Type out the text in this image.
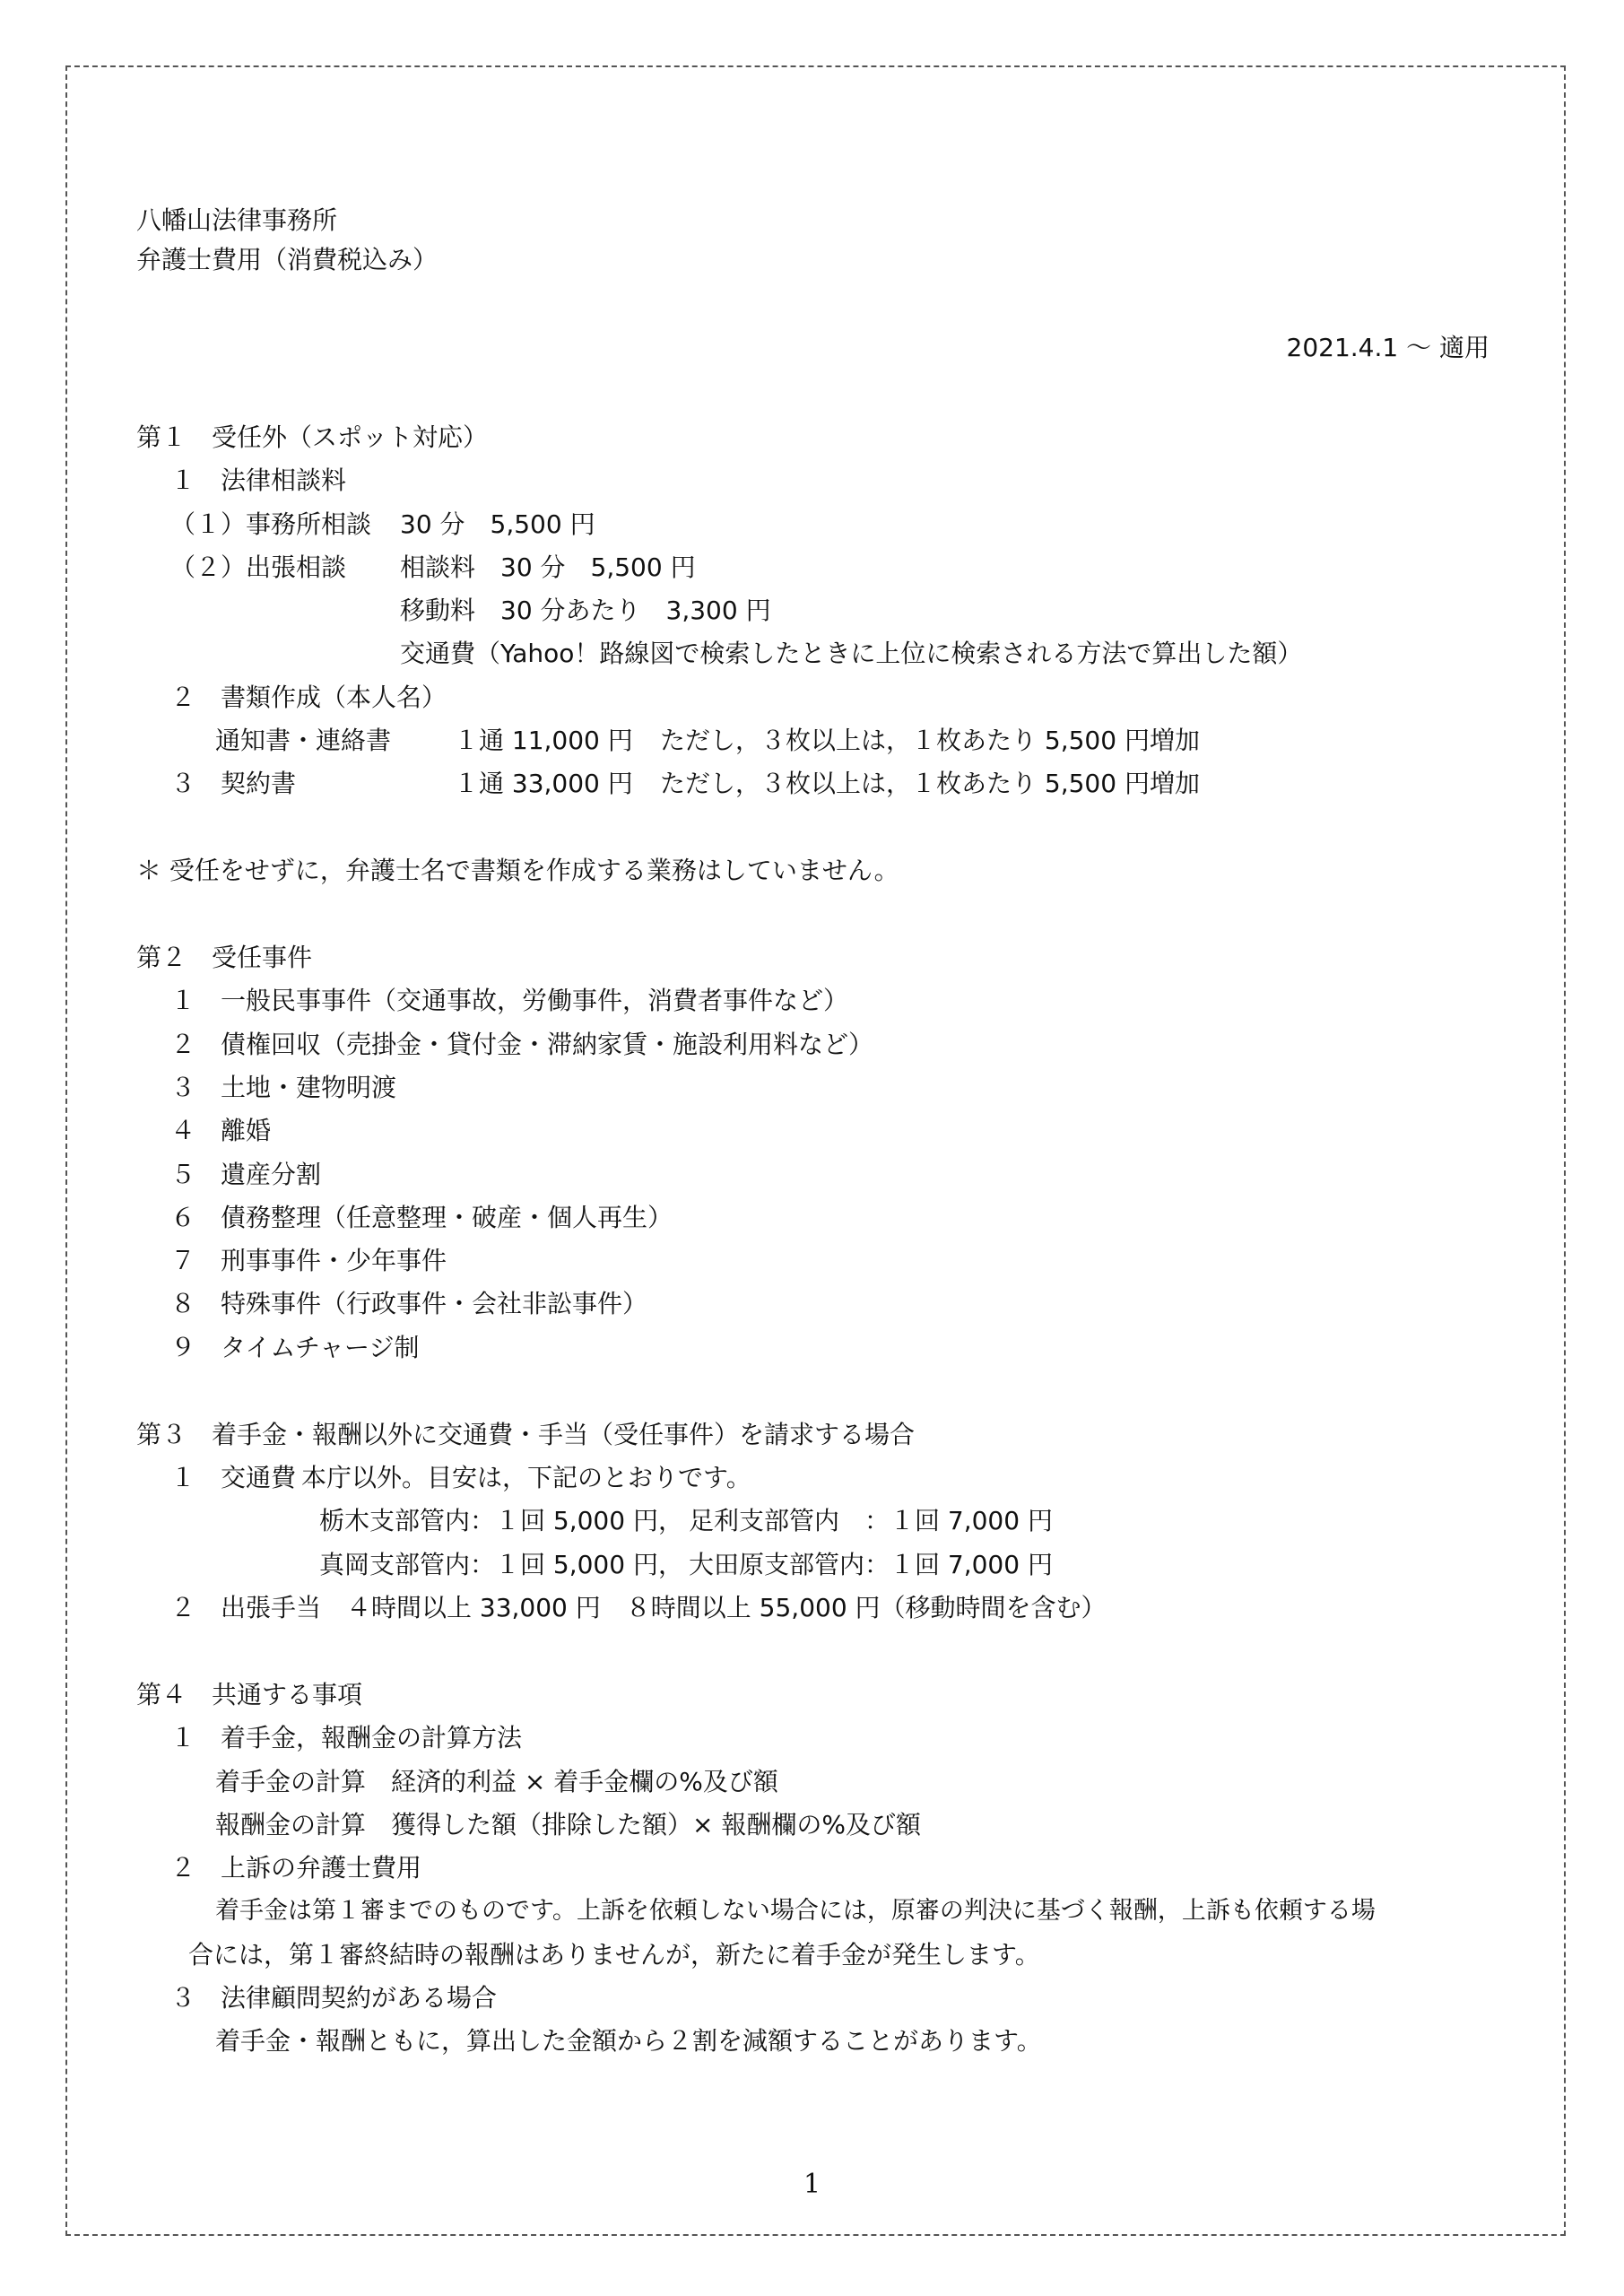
八幡山法律事務所
弁護士費用（消費税込み）
2021.4.1 ～ 適用
第１　受任外（スポット対応）
１　法律相談料
（１）事務所相談 30 分　5,500 円
（２）出張相談 相談料　30 分　5,500 円
移動料　30 分あたり　3,300 円
交通費（Yahoo！路線図で検索したときに上位に検索される方法で算出した額）
２　書類作成（本人名）
通知書・連絡書 １通 11,000 円 ただし，３枚以上は，１枚あたり 5,500 円増加
３　契約書	１通 33,000 円 ただし，３枚以上は，１枚あたり 5,500 円増加
＊ 受任をせずに，弁護士名で書類を作成する業務はしていません。
第２　受任事件
１　一般民事事件（交通事故，労働事件，消費者事件など）
２　債権回収（売掛金・貸付金・滞納家賃・施設利用料など）
３　土地・建物明渡
４　離婚
５　遺産分割
６　債務整理（任意整理・破産・個人再生）
７　刑事事件・少年事件
８　特殊事件（行政事件・会社非訟事件）
９　タイムチャージ制
第３　着手金・報酬以外に交通費・手当（受任事件）を請求する場合
１　交通費 本庁以外。目安は，下記のとおりです。
栃木支部管内：１回 5,000 円， 足利支部管内　：１回 7,000 円
真岡支部管内：１回 5,000 円， 大田原支部管内：１回 7,000 円
２　出張手当　４時間以上 33,000 円　８時間以上 55,000 円（移動時間を含む）
第４　共通する事項
１　着手金，報酬金の計算方法
着手金の計算　経済的利益 × 着手金欄の%及び額
報酬金の計算　獲得した額（排除した額）× 報酬欄の%及び額
２　上訴の弁護士費用
着手金は第１審までのものです。上訴を依頼しない場合には，原審の判決に基づく報酬，上訴も依頼する場
合には，第１審終結時の報酬はありませんが，新たに着手金が発生します。
３　法律顧問契約がある場合
着手金・報酬ともに，算出した金額から２割を減額することがあります。
1
